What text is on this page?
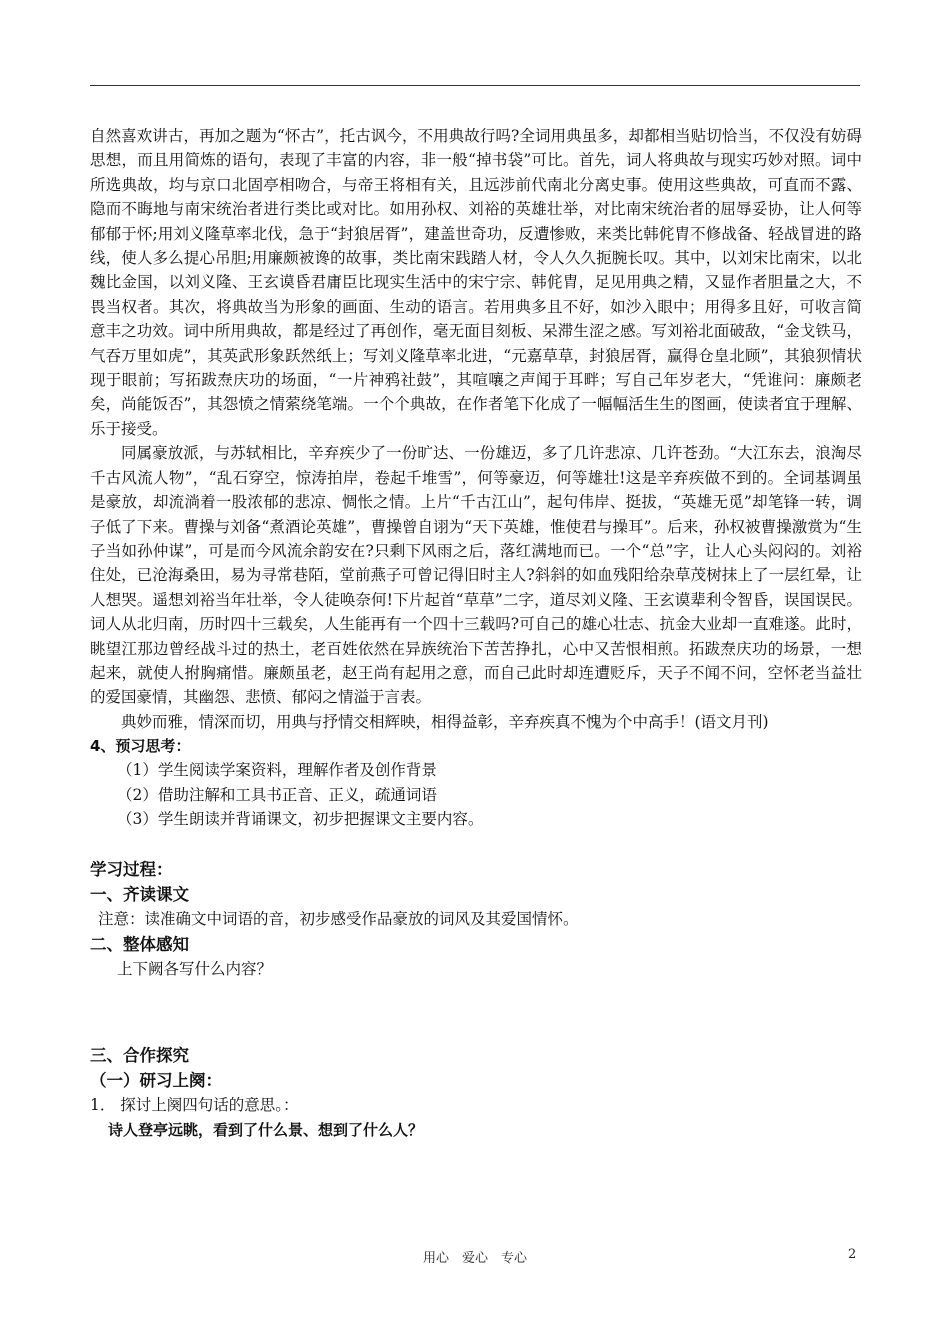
自然喜欢讲古，再加之题为“怀古”，托古讽今，不用典故行吗?全词用典虽多，却都相当贴切恰当，不仅没有妨碍思想，而且用简炼的语句，表现了丰富的内容，非一般“掉书袋”可比。首先，词人将典故与现实巧妙对照。词中所选典故，均与京口北固亭相吻合，与帝王将相有关，且远涉前代南北分离史事。使用这些典故，可直而不露、隐而不晦地与南宋统治者进行类比或对比。如用孙权、刘裕的英雄壮举，对比南宋统治者的屈辱妥协，让人何等郁郁于怀;用刘义隆草率北伐，急于“封狼居胥”，建盖世奇功，反遭惨败，来类比韩侂胄不修战备、轻战冒进的路线，使人多么提心吊胆;用廉颇被谗的故事，类比南宋践踏人材，令人久久扼腕长叹。其中，以刘宋比南宋，以北魏比金国，以刘义隆、王玄谟昏君庸臣比现实生活中的宋宁宗、韩侂胄，足见用典之精，又显作者胆量之大，不畏当权者。其次，将典故当为形象的画面、生动的语言。若用典多且不好，如沙入眼中；用得多且好，可收言简意丰之功效。词中所用典故，都是经过了再创作，毫无面目刻板、呆滞生涩之感。写刘裕北面破敌，“金戈铁马，气吞万里如虎”，其英武形象跃然纸上；写刘义隆草率北进，“元嘉草草，封狼居胥，赢得仓皇北顾”，其狼狈情状现于眼前；写拓跋焘庆功的场面，“一片神鸦社鼓”，其喧嚷之声闻于耳畔；写自己年岁老大，“凭谁问：廉颇老矣，尚能饭否”，其怨愤之情萦绕笔端。一个个典故，在作者笔下化成了一幅幅活生生的图画，使读者宜于理解、乐于接受。

同属豪放派，与苏轼相比，辛弃疾少了一份旷达、一份雄迈，多了几许悲凉、几许苍劲。“大江东去，浪淘尽千古风流人物”，“乱石穿空，惊涛拍岸，卷起千堆雪”，何等豪迈，何等雄壮!这是辛弃疾做不到的。全词基调虽是豪放，却流淌着一股浓郁的悲凉、惆怅之情。上片“千古江山”，起句伟岸、挺拔，“英雄无觅”却笔锋一转，调子低了下来。曹操与刘备“煮酒论英雄”，曹操曾自诩为“天下英雄，惟使君与操耳”。后来，孙权被曹操激赏为“生子当如孙仲谋”，可是而今风流余韵安在?只剩下风雨之后，落红满地而已。一个“总”字，让人心头闷闷的。刘裕住处，已沧海桑田，易为寻常巷陌，堂前燕子可曾记得旧时主人?斜斜的如血残阳给杂草茂树抹上了一层红晕，让人想哭。遥想刘裕当年壮举，令人徒唤奈何!下片起首“草草”二字，道尽刘义隆、王玄谟辈利令智昏，误国误民。词人从北归南，历时四十三载矣，人生能再有一个四十三载吗?可自己的雄心壮志、抗金大业却一直难遂。此时，眺望江那边曾经战斗过的热土，老百姓依然在异族统治下苦苦挣扎，心中又苦恨相煎。拓跋焘庆功的场景，一想起来，就使人拊胸痛惜。廉颇虽老，赵王尚有起用之意，而自己此时却连遭贬斥，天子不闻不问，空怀老当益壮的爱国豪情，其幽怨、悲愤、郁闷之情溢于言表。

典妙而雅，情深而切，用典与抒情交相辉映，相得益彰，辛弃疾真不愧为个中高手！(语文月刊)

4、预习思考：

（1）学生阅读学案资料，理解作者及创作背景

（2）借助注解和工具书正音、正义，疏通词语

（3）学生朗读并背诵课文，初步把握课文主要内容。

学习过程：

一、齐读课文

注意：读准确文中词语的音，初步感受作品豪放的词风及其爱国情怀。

二、整体感知

上下阙各写什么内容？

三、合作探究

（一）研习上阕：

1． 探讨上阕四句话的意思。：

诗人登亭远眺，看到了什么景、想到了什么人？

用心　爱心　专心	2
